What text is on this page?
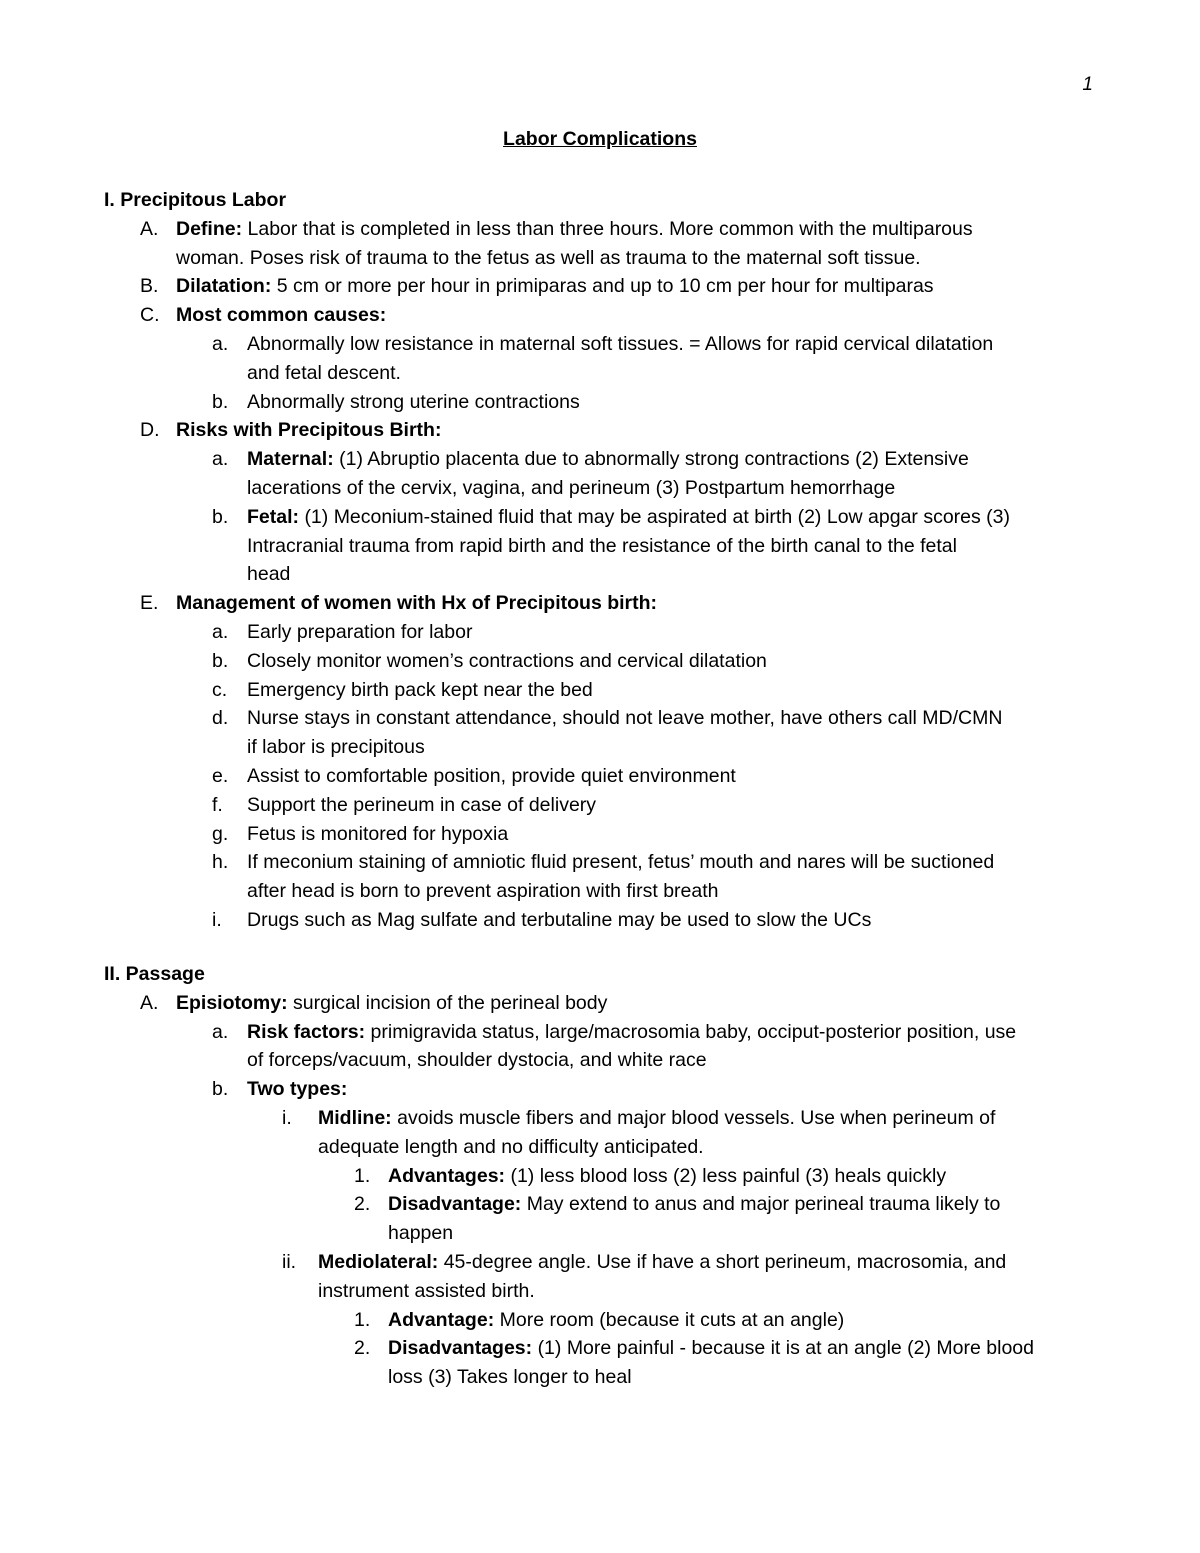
1
Labor Complications
I. Precipitous Labor
A. Define: Labor that is completed in less than three hours. More common with the multiparous
woman. Poses risk of trauma to the fetus as well as trauma to the maternal soft tissue.
B. Dilatation: 5 cm or more per hour in primiparas and up to 10 cm per hour for multiparas
C. Most common causes:
a. Abnormally low resistance in maternal soft tissues. = Allows for rapid cervical dilatation
and fetal descent.
b. Abnormally strong uterine contractions
D. Risks with Precipitous Birth:
a. Maternal: (1) Abruptio placenta due to abnormally strong contractions (2) Extensive
lacerations of the cervix, vagina, and perineum (3) Postpartum hemorrhage
b. Fetal: (1) Meconium-stained fluid that may be aspirated at birth (2) Low apgar scores (3)
Intracranial trauma from rapid birth and the resistance of the birth canal to the fetal
head
E. Management of women with Hx of Precipitous birth:
a. Early preparation for labor
b. Closely monitor women’s contractions and cervical dilatation
c. Emergency birth pack kept near the bed
d. Nurse stays in constant attendance, should not leave mother, have others call MD/CMN
if labor is precipitous
e. Assist to comfortable position, provide quiet environment
f. Support the perineum in case of delivery
g. Fetus is monitored for hypoxia
h. If meconium staining of amniotic fluid present, fetus’ mouth and nares will be suctioned
after head is born to prevent aspiration with first breath
i. Drugs such as Mag sulfate and terbutaline may be used to slow the UCs
II. Passage
A. Episiotomy: surgical incision of the perineal body
a. Risk factors: primigravida status, large/macrosomia baby, occiput-posterior position, use
of forceps/vacuum, shoulder dystocia, and white race
b. Two types:
i. Midline: avoids muscle fibers and major blood vessels. Use when perineum of
adequate length and no difficulty anticipated.
1. Advantages: (1) less blood loss (2) less painful (3) heals quickly
2. Disadvantage: May extend to anus and major perineal trauma likely to
happen
ii. Mediolateral: 45-degree angle. Use if have a short perineum, macrosomia, and
instrument assisted birth.
1. Advantage: More room (because it cuts at an angle)
2. Disadvantages: (1) More painful - because it is at an angle (2) More blood
loss (3) Takes longer to heal
